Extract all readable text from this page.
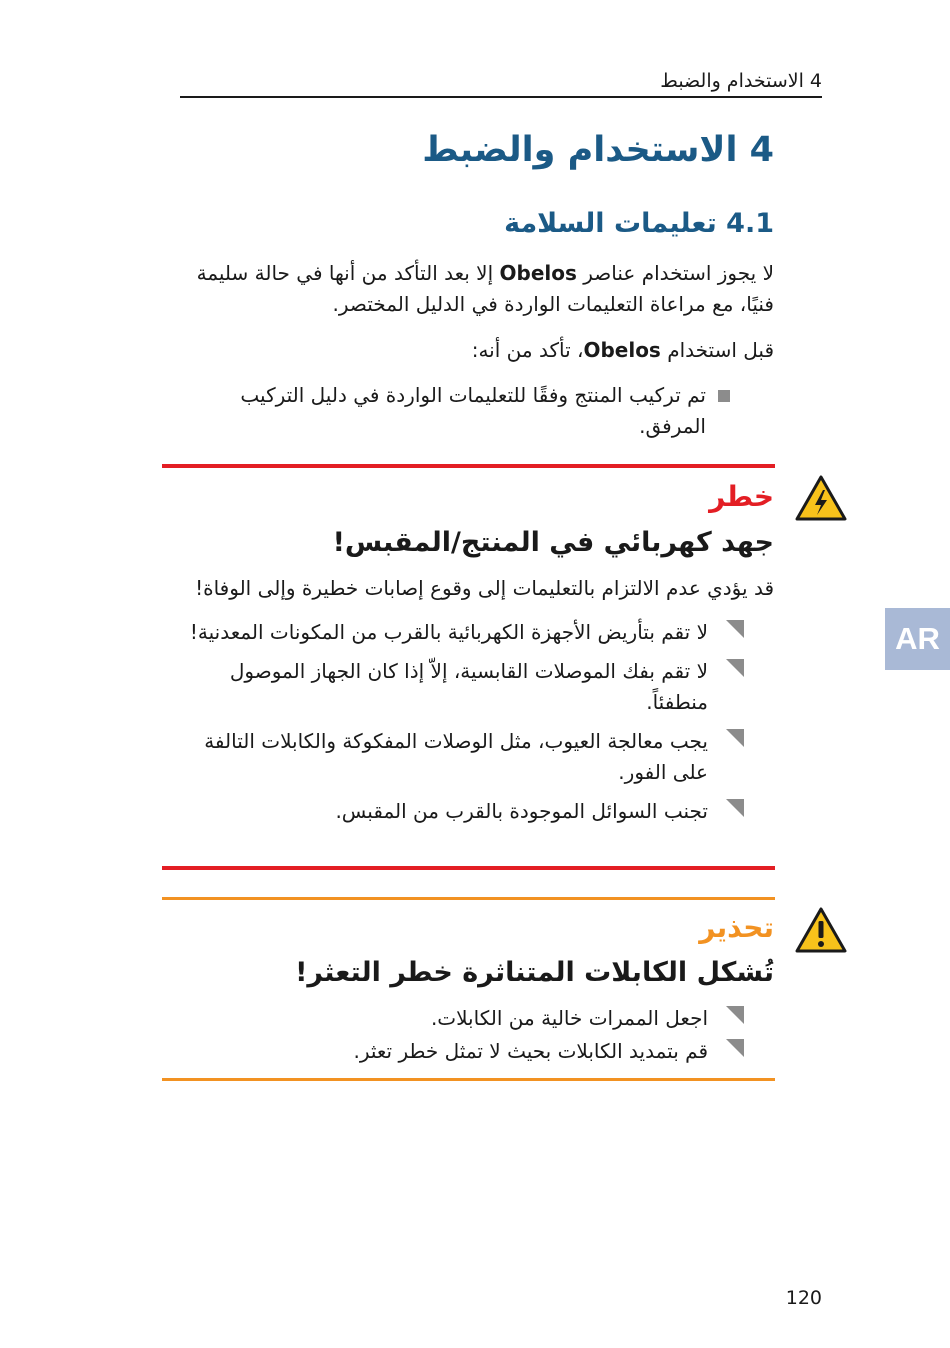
4 الاستخدام والضبط
4 الاستخدام والضبط
4.1 تعليمات السلامة
لا يجوز استخدام عناصر Obelos إلا بعد التأكد من أنها في حالة سليمة فنيًا، مع مراعاة التعليمات الواردة في الدليل المختصر.
قبل استخدام Obelos، تأكد من أنه:
تم تركيب المنتج وفقًا للتعليمات الواردة في دليل التركيب المرفق.
خطر
جهد كهربائي في المنتج/المقبس!
قد يؤدي عدم الالتزام بالتعليمات إلى وقوع إصابات خطيرة وإلى الوفاة!
لا تقم بتأريض الأجهزة الكهربائية بالقرب من المكونات المعدنية!
لا تقم بفك الموصلات القابسية، إلاّ إذا كان الجهاز الموصول منطفئاً.
يجب معالجة العيوب، مثل الوصلات المفكوكة والكابلات التالفة على الفور.
تجنب السوائل الموجودة بالقرب من المقبس.
تحذير
تُشكل الكابلات المتناثرة خطر التعثر!
اجعل الممرات خالية من الكابلات.
قم بتمديد الكابلات بحيث لا تمثل خطر تعثر.
AR
120
